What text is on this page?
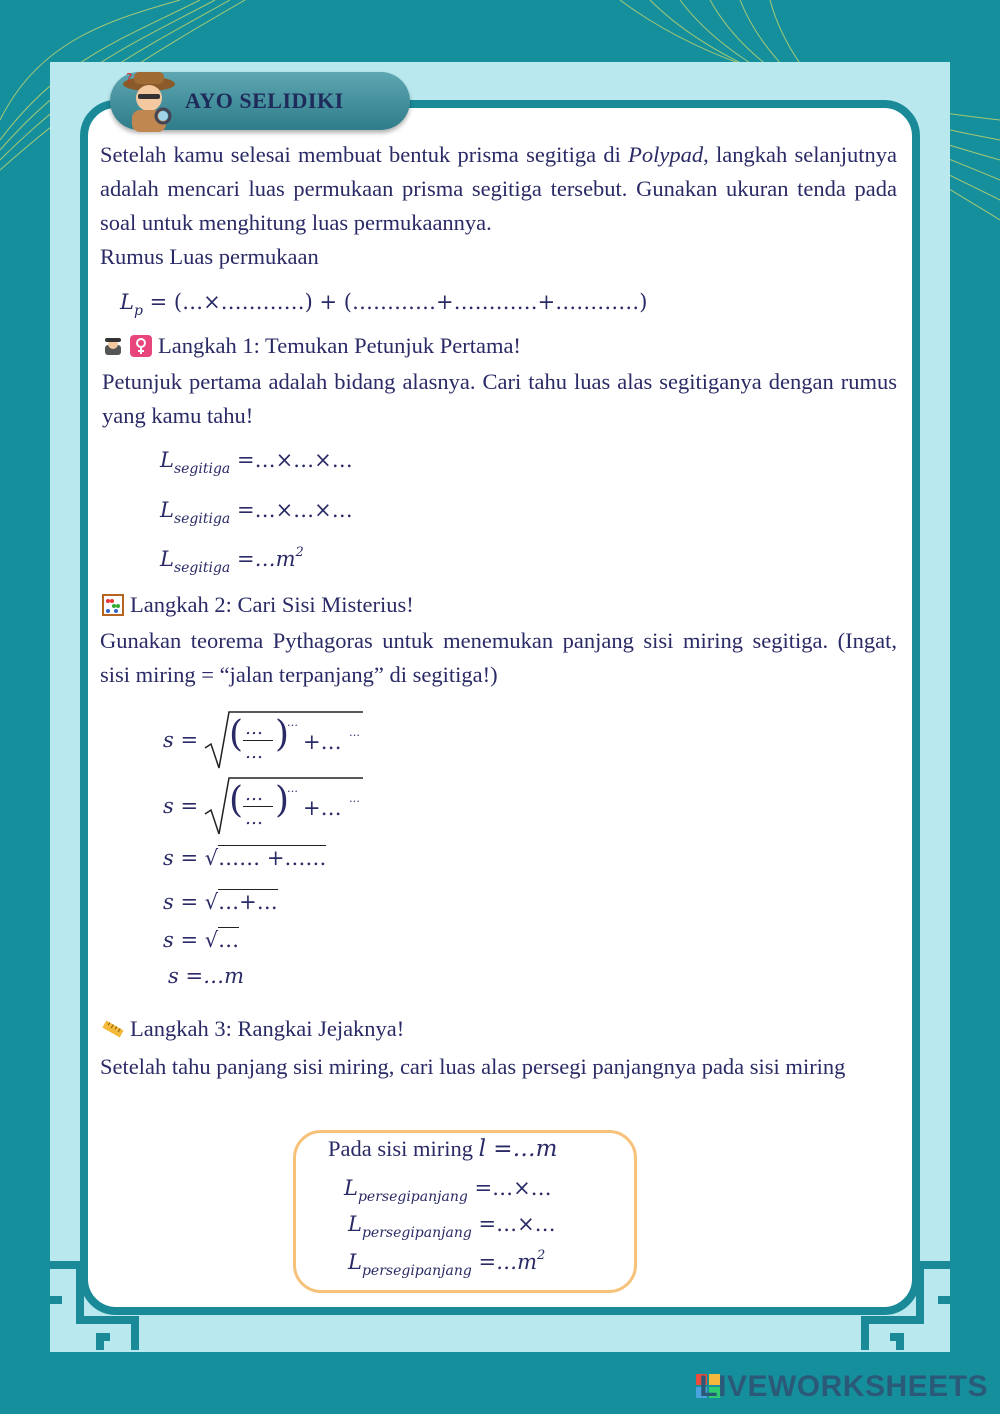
?
AYO SELIDIKI

Setelah kamu selesai membuat bentuk prisma segitiga di Polypad, langkah selanjutnya adalah mencari luas permukaan prisma segitiga tersebut. Gunakan ukuran tenda pada soal untuk menghitung luas permukaannya.

Rumus Luas permukaan

$L_p$ = (…×…………) + (…………+…………+…………)
Langkah 1: Temukan Petunjuk Pertama!
Petunjuk pertama adalah bidang alasnya. Cari tahu luas alas segitiganya dengan rumus yang kamu tahu!
$L_{segitiga}$ =…×…×…
$L_{segitiga}$ =…×…×…
$L_{segitiga}$ $=\dots m^2$
Langkah 2: Cari Sisi Misterius!
Gunakan teorema Pythagoras untuk menemukan panjang sisi miring segitiga. (Ingat, sisi miring = “jalan terpanjang” di segitiga!)
s = ( …
… )
…
+… …
s = ( …
… )
…
+… …
s = √…… +……
s = √…+…
s = √…
s =…m
Langkah 3: Rangkai Jejaknya!
Setelah tahu panjang sisi miring, cari luas alas persegi panjangnya pada sisi miring
Pada sisi miring l =…m
$L_{persegipanjang}$ =…×…
$L_{persegipanjang}$ =…×…
$L_{persegipanjang}$ $=\dots m^2$
LIVEWORKSHEETS
